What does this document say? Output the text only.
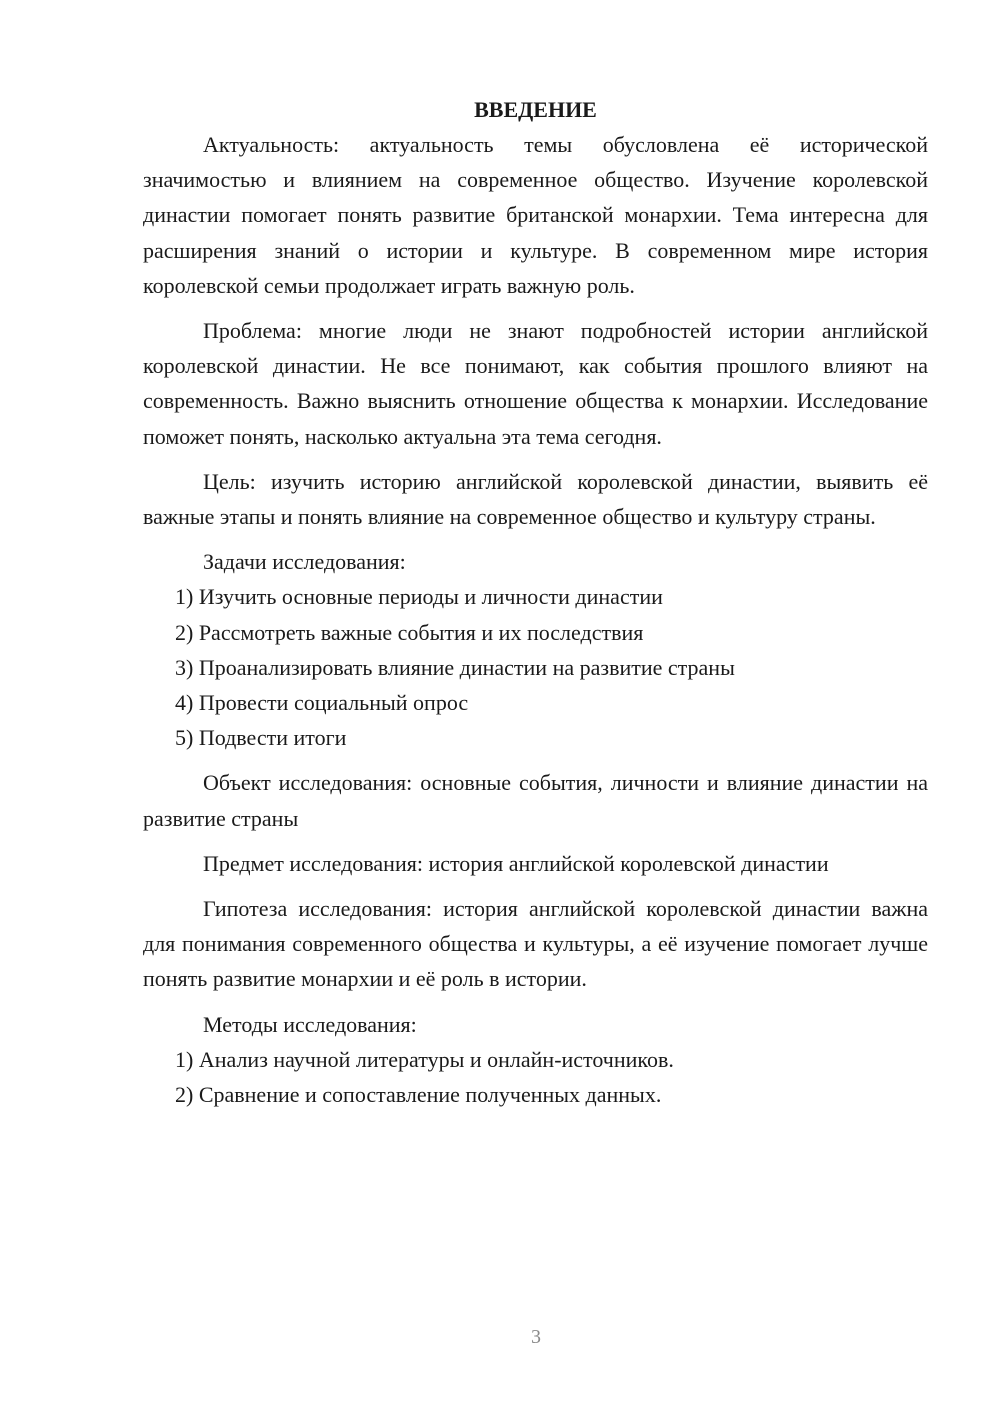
ВВЕДЕНИЕ

Актуальность: актуальность темы обусловлена её исторической значимостью и влиянием на современное общество. Изучение королевской династии помогает понять развитие британской монархии. Тема интересна для расширения знаний о истории и культуре. В современном мире история королевской семьи продолжает играть важную роль.

Проблема: многие люди не знают подробностей истории английской королевской династии. Не все понимают, как события прошлого влияют на современность. Важно выяснить отношение общества к монархии. Исследование поможет понять, насколько актуальна эта тема сегодня.

Цель: изучить историю английской королевской династии, выявить её важные этапы и понять влияние на современное общество и культуру страны.

Задачи исследования:

1) Изучить основные периоды и личности династии

2) Рассмотреть важные события и их последствия

3) Проанализировать влияние династии на развитие страны

4) Провести социальный опрос

5) Подвести итоги

Объект исследования: основные события, личности и влияние династии на развитие страны

Предмет исследования: история английской королевской династии

Гипотеза исследования: история английской королевской династии важна для понимания современного общества и культуры, а её изучение помогает лучше понять развитие монархии и её роль в истории.

Методы исследования:

1) Анализ научной литературы и онлайн-источников.

2) Сравнение и сопоставление полученных данных.

3
